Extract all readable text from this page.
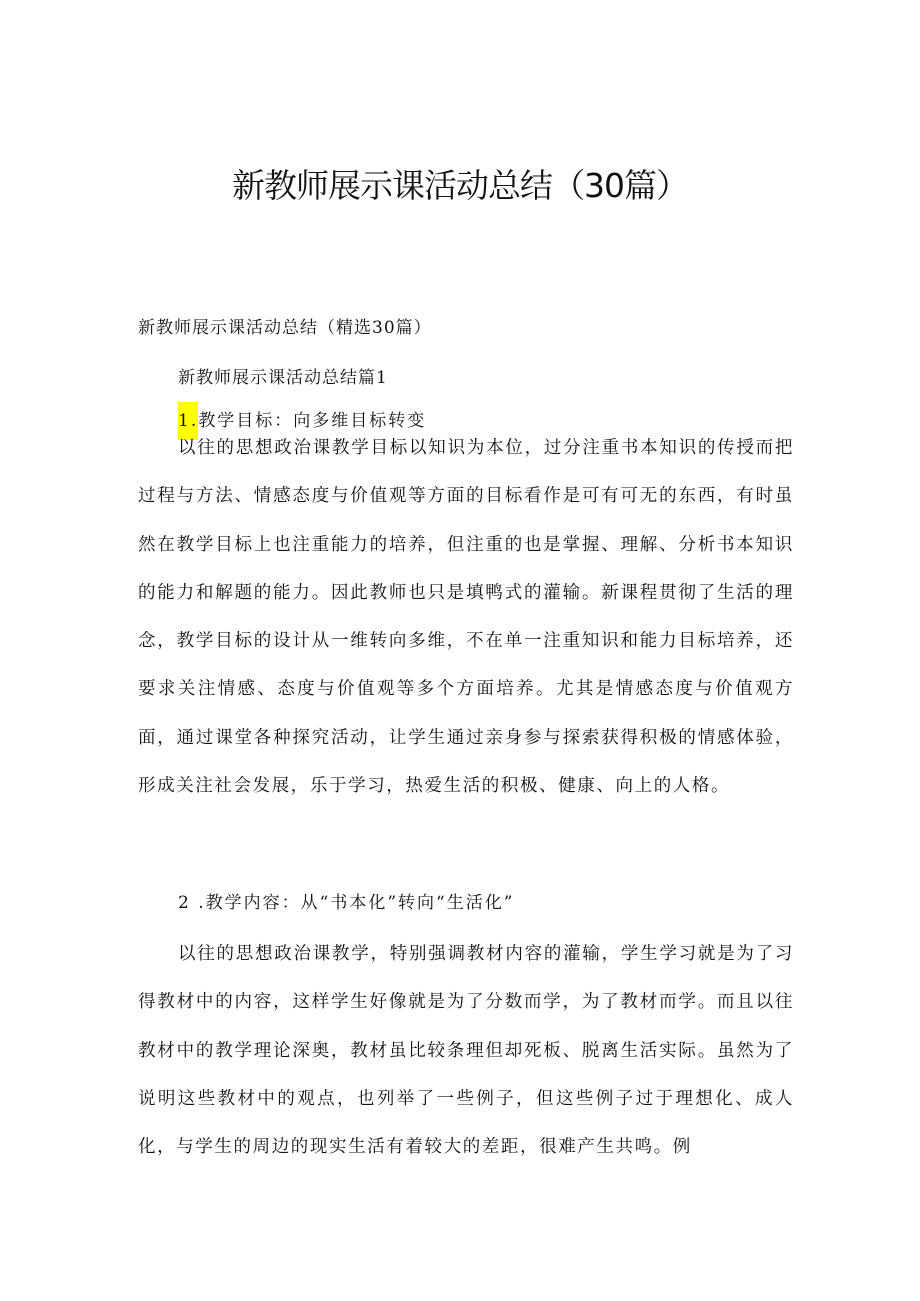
新教师展示课活动总结（30篇）
新教师展示课活动总结（精选30篇）
新教师展示课活动总结篇1
1.教学目标：向多维目标转变

以往的思想政治课教学目标以知识为本位，过分注重书本知识的传授而把过程与方法、情感态度与价值观等方面的目标看作是可有可无的东西，有时虽然在教学目标上也注重能力的培养，但注重的也是掌握、理解、分析书本知识的能力和解题的能力。因此教师也只是填鸭式的灌输。新课程贯彻了生活的理念，教学目标的设计从一维转向多维，不在单一注重知识和能力目标培养，还要求关注情感、态度与价值观等多个方面培养。尤其是情感态度与价值观方面，通过课堂各种探究活动，让学生通过亲身参与探索获得积极的情感体验，形成关注社会发展，乐于学习，热爱生活的积极、健康、向上的人格。

2 .教学内容：从“书本化”转向“生活化”

以往的思想政治课教学，特别强调教材内容的灌输，学生学习就是为了习得教材中的内容，这样学生好像就是为了分数而学，为了教材而学。而且以往教材中的教学理论深奥，教材虽比较条理但却死板、脱离生活实际。虽然为了说明这些教材中的观点，也列举了一些例子，但这些例子过于理想化、成人化，与学生的周边的现实生活有着较大的差距，很难产生共鸣。例
